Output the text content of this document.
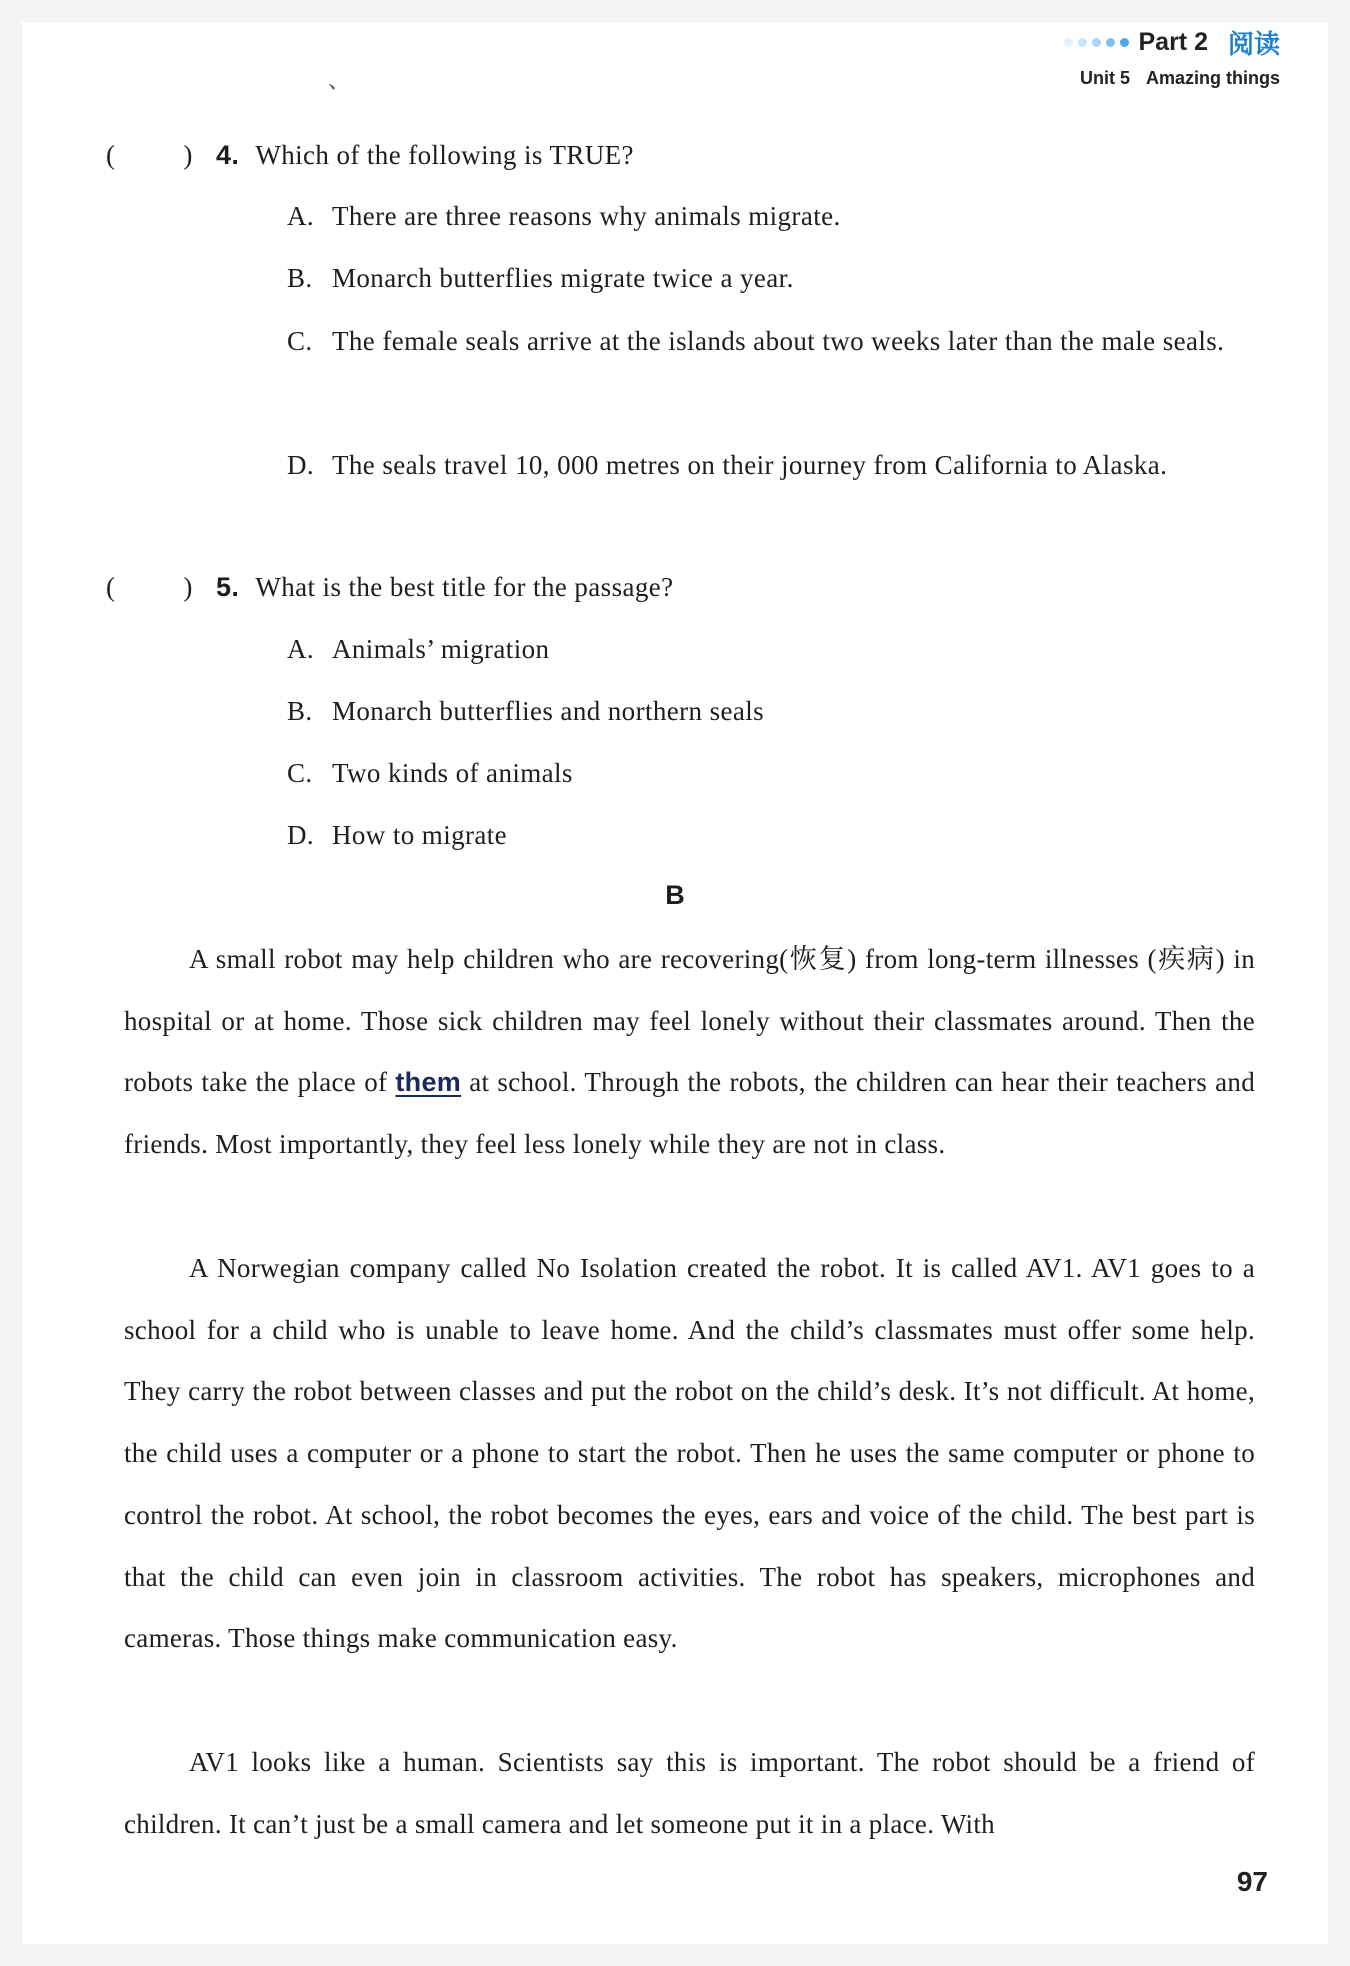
Part 2 阅读
Unit 5 Amazing things
、
(	) 4. Which of the following is TRUE?
A. There are three reasons why animals migrate.
B. Monarch butterflies migrate twice a year.
C. The female seals arrive at the islands about two weeks later than the male seals.
D. The seals travel 10, 000 metres on their journey from California to Alaska.
(	) 5. What is the best title for the passage?
A. Animals’ migration
B. Monarch butterflies and northern seals
C. Two kinds of animals
D. How to migrate
B
A small robot may help children who are recovering(恢复) from long-term illnesses (疾病) in hospital or at home. Those sick children may feel lonely without their classmates around. Then the robots take the place of them at school. Through the robots, the children can hear their teachers and friends. Most importantly, they feel less lonely while they are not in class.
A Norwegian company called No Isolation created the robot. It is called AV1. AV1 goes to a school for a child who is unable to leave home. And the child’s classmates must offer some help. They carry the robot between classes and put the robot on the child’s desk. It’s not difficult. At home, the child uses a computer or a phone to start the robot. Then he uses the same computer or phone to control the robot. At school, the robot becomes the eyes, ears and voice of the child. The best part is that the child can even join in classroom activities. The robot has speakers, microphones and cameras. Those things make communication easy.
AV1 looks like a human. Scientists say this is important. The robot should be a friend of children. It can’t just be a small camera and let someone put it in a place. With
97
